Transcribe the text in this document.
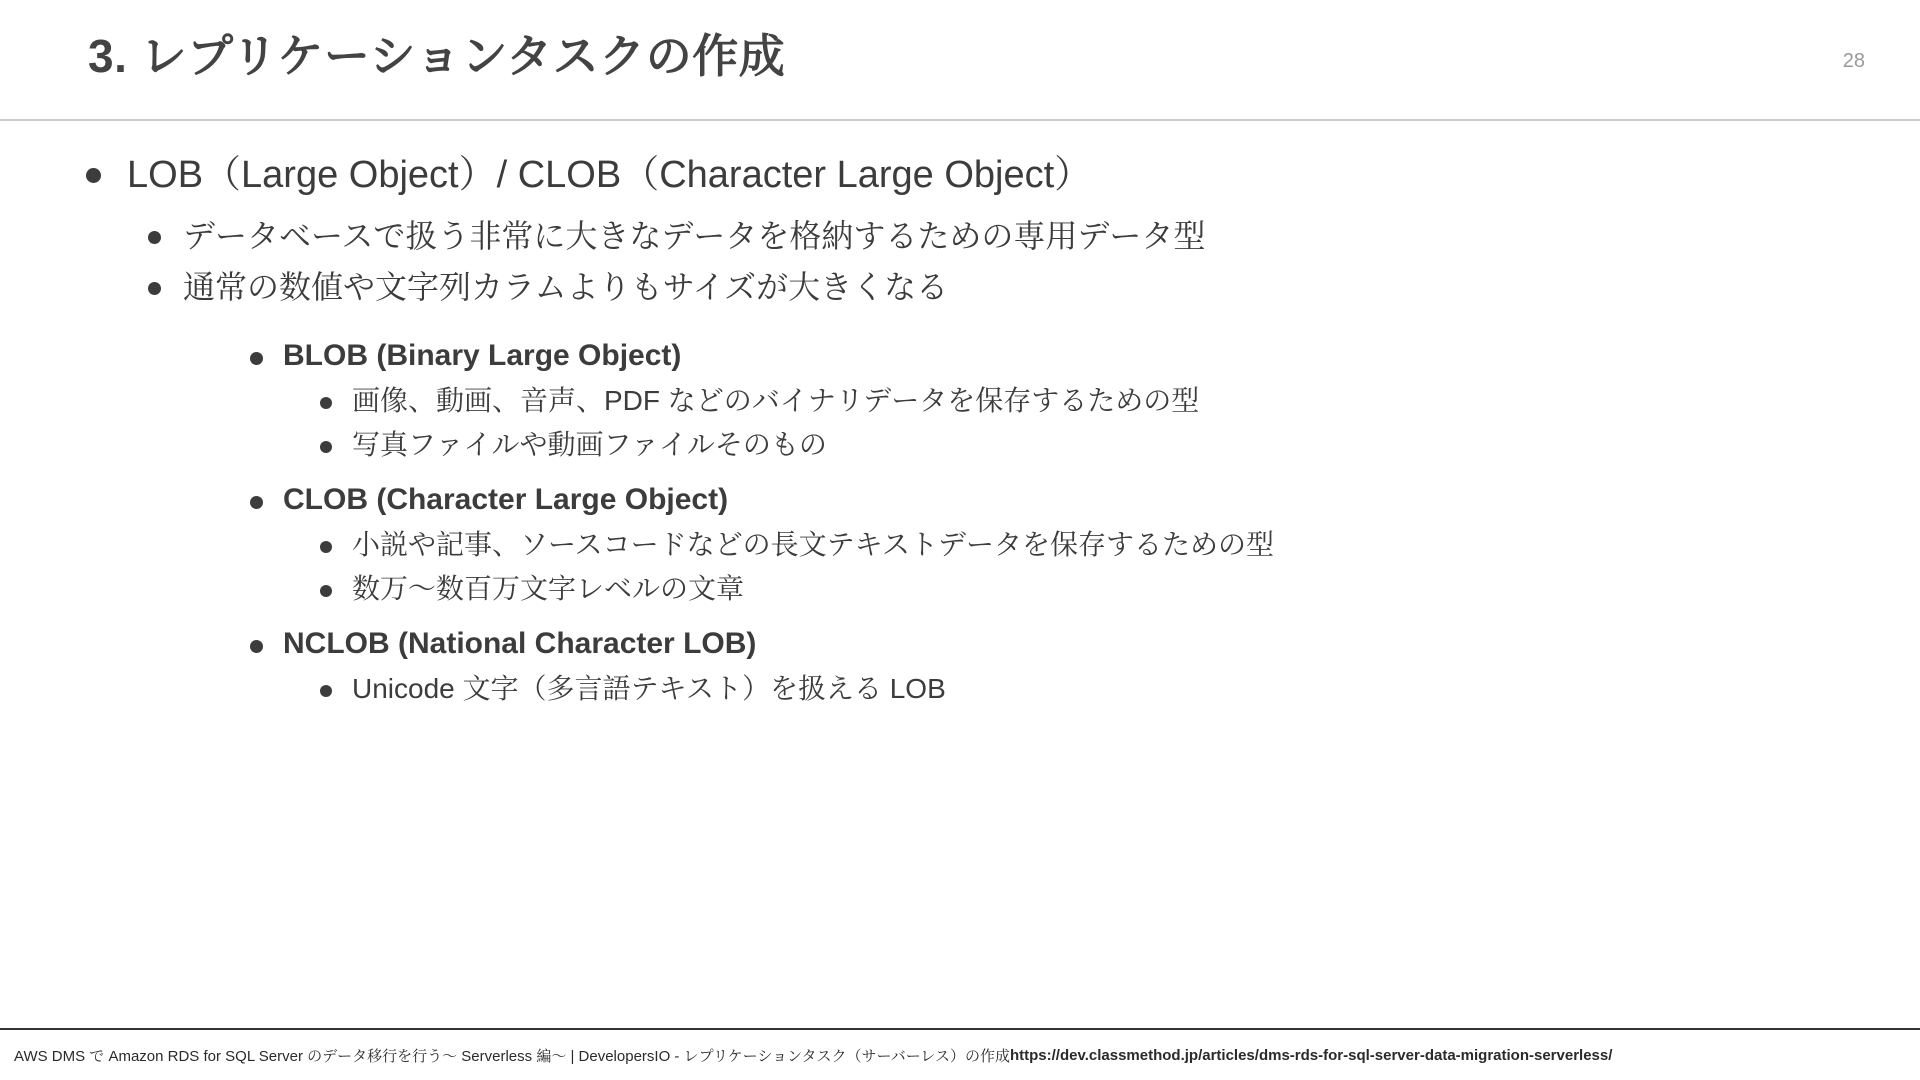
3. レプリケーションタスクの作成	28
LOB（Large Object）/ CLOB（Character Large Object）
データベースで扱う非常に大きなデータを格納するための専用データ型
通常の数値や文字列カラムよりもサイズが大きくなる
BLOB (Binary Large Object)
画像、動画、音声、PDF などのバイナリデータを保存するための型
写真ファイルや動画ファイルそのもの
CLOB (Character Large Object)
小説や記事、ソースコードなどの長文テキストデータを保存するための型
数万〜数百万文字レベルの文章
NCLOB (National Character LOB)
Unicode 文字（多言語テキスト）を扱える LOB
AWS DMS で Amazon RDS for SQL Server のデータ移行を行う〜 Serverless 編〜 | DevelopersIO - レプリケーションタスク（サーバーレス）の作成 https://dev.classmethod.jp/articles/dms-rds-for-sql-server-data-migration-serverless/
